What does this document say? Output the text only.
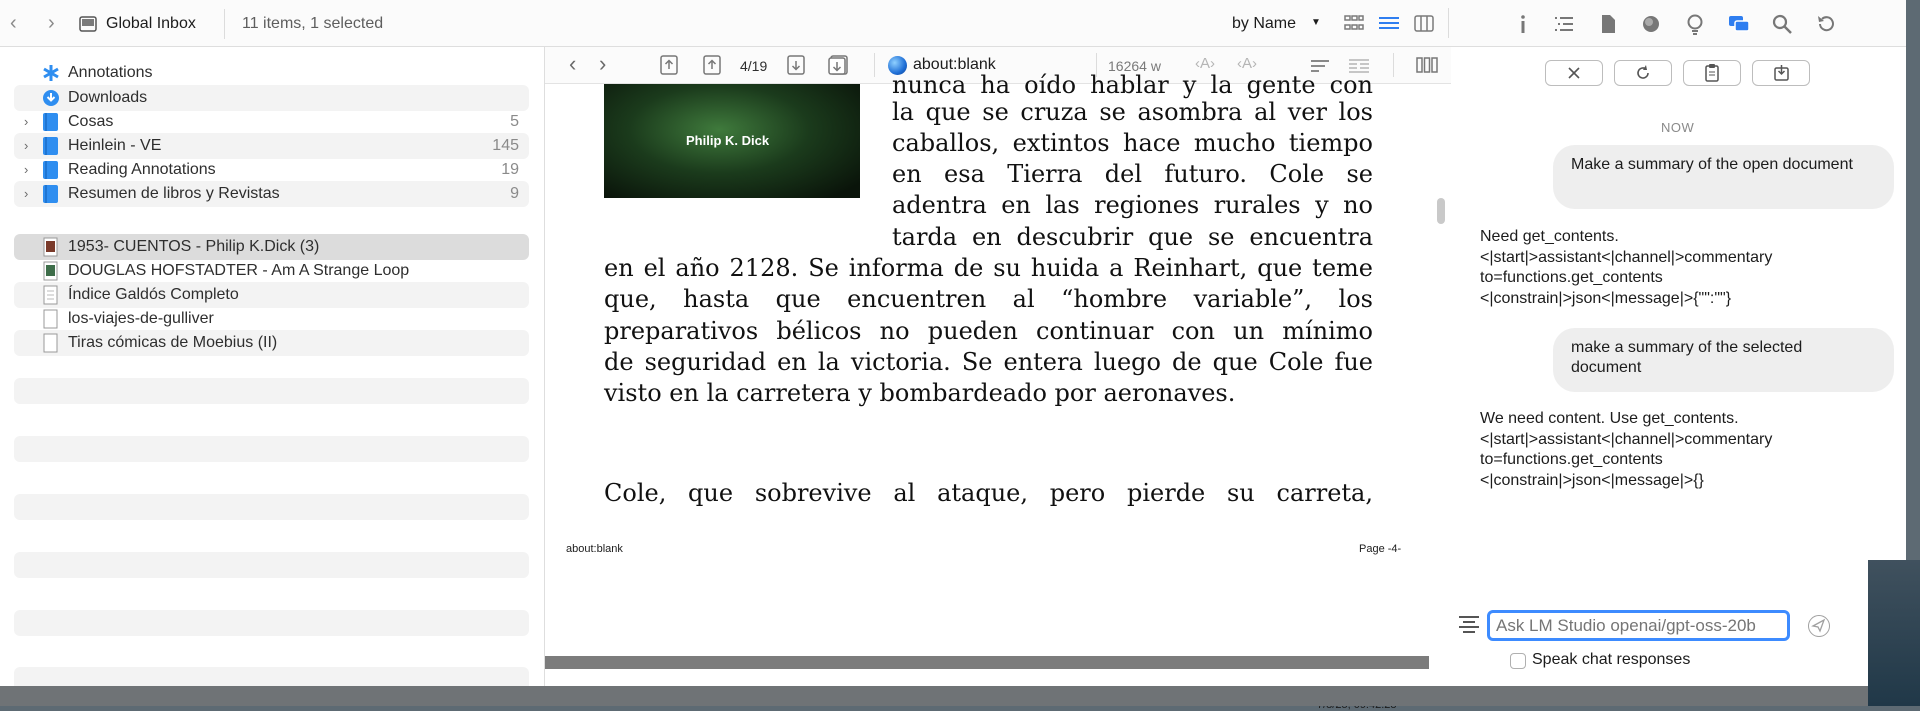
‹ ›	Global Inbox	11 items, 1 selected	by Name ▼
Annotations
Downloads
› Cosas	5
› Heinlein - VE	145
› Reading Annotations	19
› Resumen de libros y Revistas	9
1953- CUENTOS - Philip K.Dick (3)
DOUGLAS HOFSTADTER - Am A Strange Loop
Índice Galdós Completo
los-viajes-de-gulliver
Tiras cómicas de Moebius (II)
‹ ›	4/19	about:blank	16264 w ‹A› ‹A›
Philip K. Dick
nunca ha oído hablar y la gente con
la que se cruza se asombra al ver los
caballos, extintos hace mucho tiempo
en esa Tierra del futuro. Cole se
adentra en las regiones rurales y no
tarda en descubrir que se encuentra
en el año 2128. Se informa de su huida a Reinhart, que teme
que, hasta que encuentren al “hombre variable”, los
preparativos bélicos no pueden continuar con un mínimo
de seguridad en la victoria. Se entera luego de que Cole fue
visto en la carretera y bombardeado por aeronaves.
Cole, que sobrevive al ataque, pero pierde su carreta,
about:blank	Page -4-
NOW
Make a summary of the open document
Need get_contents.
<|start|>assistant<|channel|>commentary
to=functions.get_contents
<|constrain|>json<|message|>{"":""}
make a summary of the selected document
We need content. Use get_contents.
<|start|>assistant<|channel|>commentary
to=functions.get_contents
<|constrain|>json<|message|>{}
Ask LM Studio openai/gpt-oss-20b
Speak chat responses
